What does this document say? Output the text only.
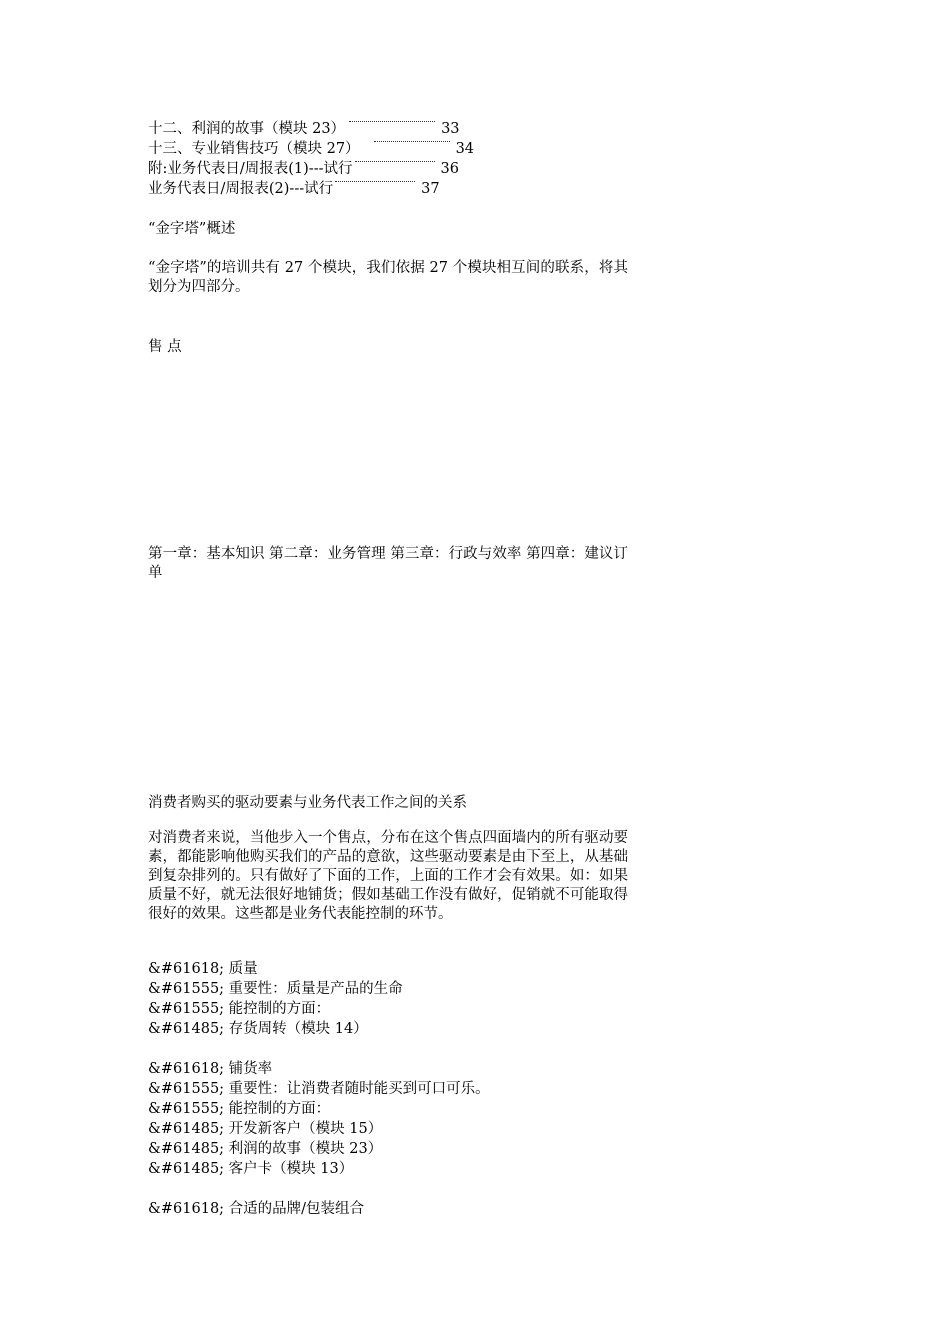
十二、利润的故事（模块 23）	33
十三、专业销售技巧（模块 27）	34
附:业务代表日/周报表(1)---试行	36
业务代表日/周报表(2)---试行	37
“金字塔”概述
“金字塔”的培训共有 27 个模块，我们依据 27 个模块相互间的联系，将其划分为四部分。
售 点
第一章：基本知识 第二章：业务管理 第三章：行政与效率 第四章：建议订单
消费者购买的驱动要素与业务代表工作之间的关系
对消费者来说，当他步入一个售点，分布在这个售点四面墙内的所有驱动要素，都能影响他购买我们的产品的意欲，这些驱动要素是由下至上，从基础到复杂排列的。只有做好了下面的工作，上面的工作才会有效果。如：如果质量不好，就无法很好地铺货；假如基础工作没有做好，促销就不可能取得很好的效果。这些都是业务代表能控制的环节。
&#61618; 质量
&#61555; 重要性：质量是产品的生命
&#61555; 能控制的方面：
&#61485; 存货周转（模块 14）
&#61618; 铺货率
&#61555; 重要性：让消费者随时能买到可口可乐。
&#61555; 能控制的方面：
&#61485; 开发新客户（模块 15）
&#61485; 利润的故事（模块 23）
&#61485; 客户卡（模块 13）
&#61618; 合适的品牌/包装组合
